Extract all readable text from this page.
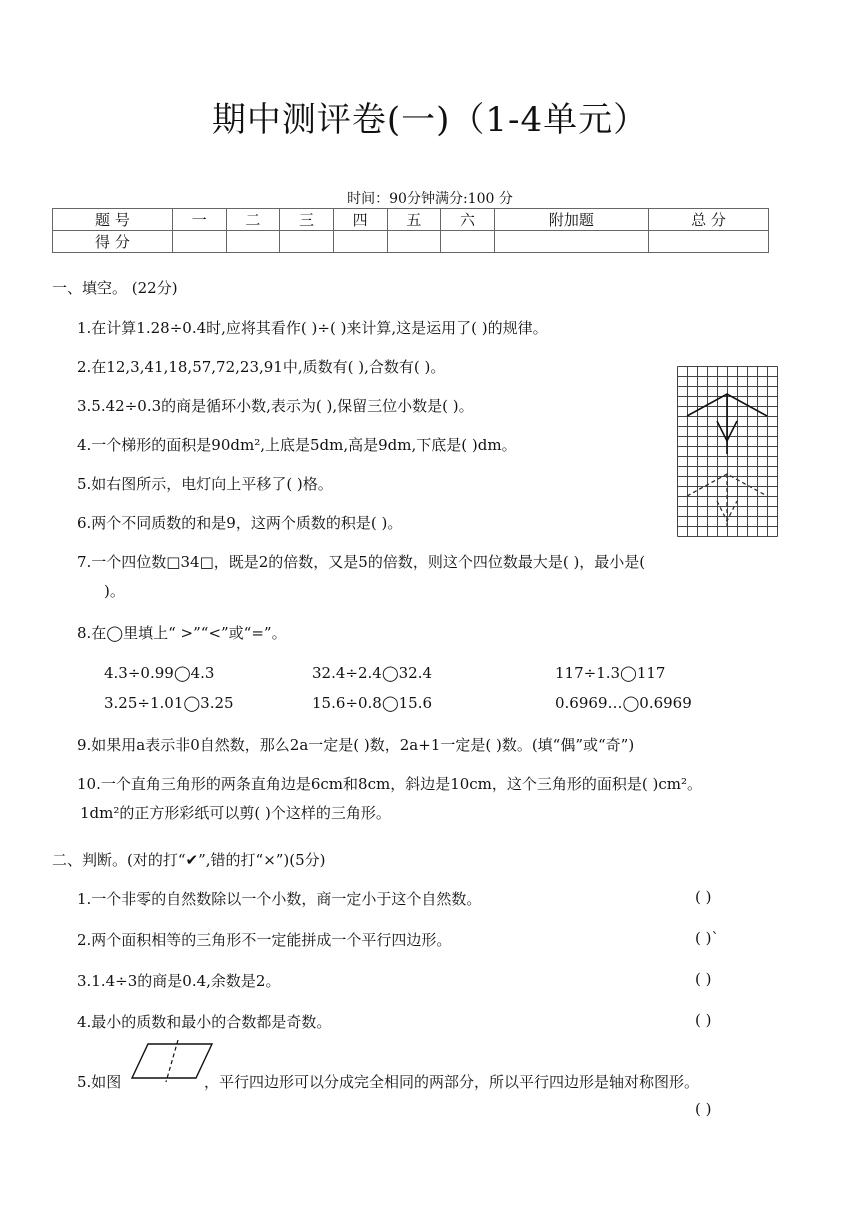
期中测评卷(一)（1-4单元）
时间：90分钟满分:100 分
题 号	一	二	三	四	五	六	附加题	总 分
得 分								
一、填空。 (22分)
1.在计算1.28÷0.4时,应将其看作( )÷( )来计算,这是运用了( )的规律。
2.在12,3,41,18,57,72,23,91中,质数有( ),合数有( )。
3.5.42÷0.3的商是循环小数,表示为( ),保留三位小数是( )。
4.一个梯形的面积是90dm²,上底是5dm,高是9dm,下底是( )dm。
5.如右图所示，电灯向上平移了( )格。
6.两个不同质数的和是9，这两个质数的积是( )。
7.一个四位数□34□，既是2的倍数，又是5的倍数，则这个四位数最大是( )，最小是(
)。
8.在◯里填上“ >”“<”或“=”。
4.3÷0.99◯4.3	32.4÷2.4◯32.4	117÷1.3◯117
3.25÷1.01◯3.25	15.6÷0.8◯15.6	0.6969…◯0.6969
9.如果用a表示非0自然数，那么2a一定是( )数，2a+1一定是( )数。(填“偶”或“奇”)
10.一个直角三角形的两条直角边是6cm和8cm，斜边是10cm，这个三角形的面积是( )cm²。
1dm²的正方形彩纸可以剪( )个这样的三角形。
二、判断。(对的打“✔”,错的打“×”)(5分)
1.一个非零的自然数除以一个小数，商一定小于这个自然数。	( )
2.两个面积相等的三角形不一定能拼成一个平行四边形。	( )`
3.1.4÷3的商是0.4,余数是2。	( )
4.最小的质数和最小的合数都是奇数。	( )
5.如图	，平行四边形可以分成完全相同的两部分，所以平行四边形是轴对称图形。
( )
